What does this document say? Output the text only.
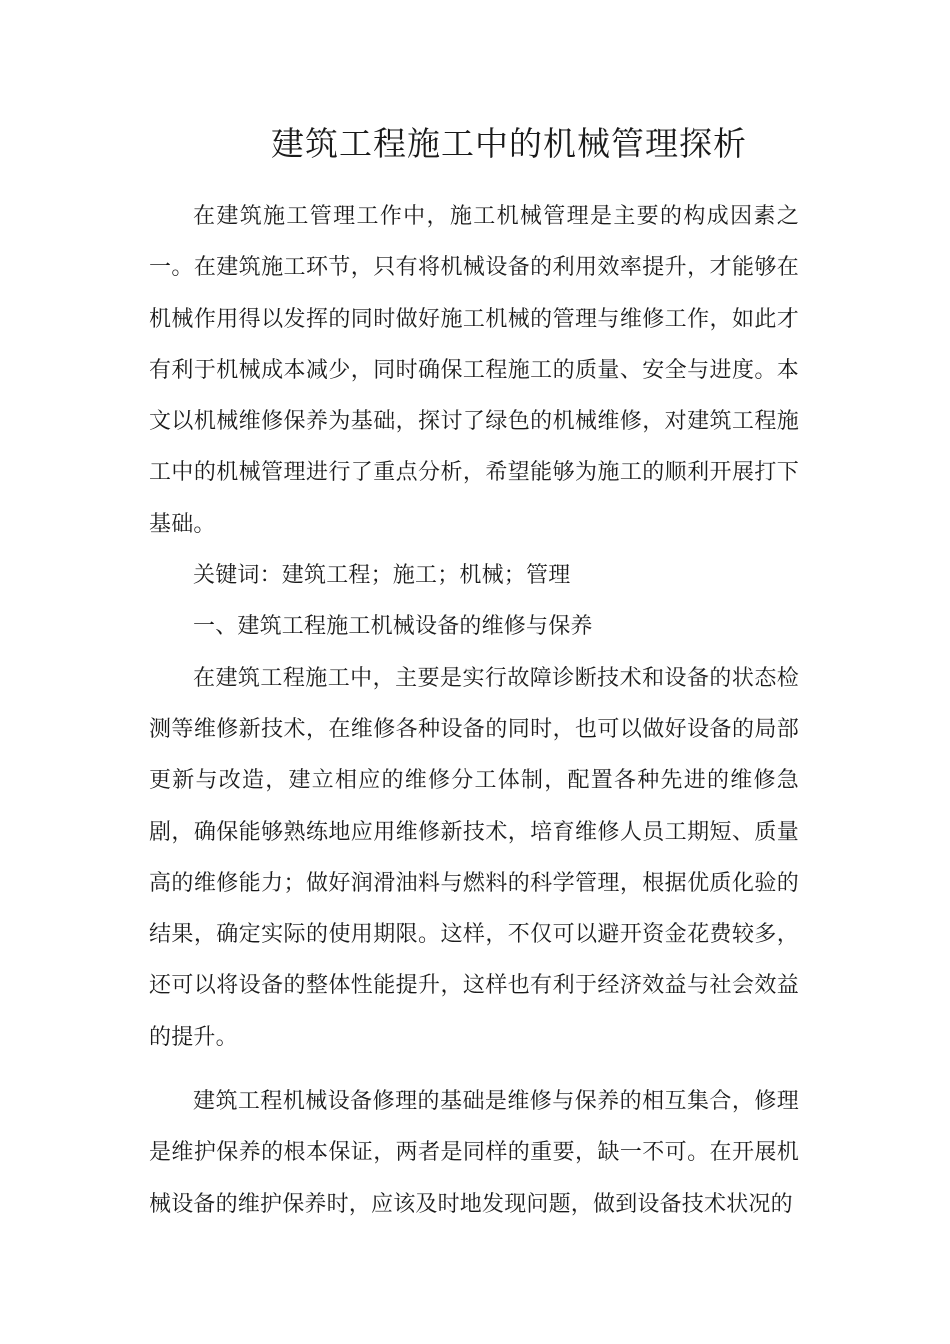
建筑工程施工中的机械管理探析

在建筑施工管理工作中，施工机械管理是主要的构成因素之一。在建筑施工环节，只有将机械设备的利用效率提升，才能够在机械作用得以发挥的同时做好施工机械的管理与维修工作，如此才有利于机械成本减少，同时确保工程施工的质量、安全与进度。本文以机械维修保养为基础，探讨了绿色的机械维修，对建筑工程施工中的机械管理进行了重点分析，希望能够为施工的顺利开展打下基础。

关键词：建筑工程；施工；机械；管理

一、建筑工程施工机械设备的维修与保养

在建筑工程施工中，主要是实行故障诊断技术和设备的状态检测等维修新技术，在维修各种设备的同时，也可以做好设备的局部更新与改造，建立相应的维修分工体制，配置各种先进的维修急剧，确保能够熟练地应用维修新技术，培育维修人员工期短、质量高的维修能力；做好润滑油料与燃料的科学管理，根据优质化验的结果，确定实际的使用期限。这样，不仅可以避开资金花费较多，还可以将设备的整体性能提升，这样也有利于经济效益与社会效益的提升。

建筑工程机械设备修理的基础是维修与保养的相互集合，修理是维护保养的根本保证，两者是同样的重要，缺一不可。在开展机械设备的维护保养时，应该及时地发现问题，做到设备技术状况的
